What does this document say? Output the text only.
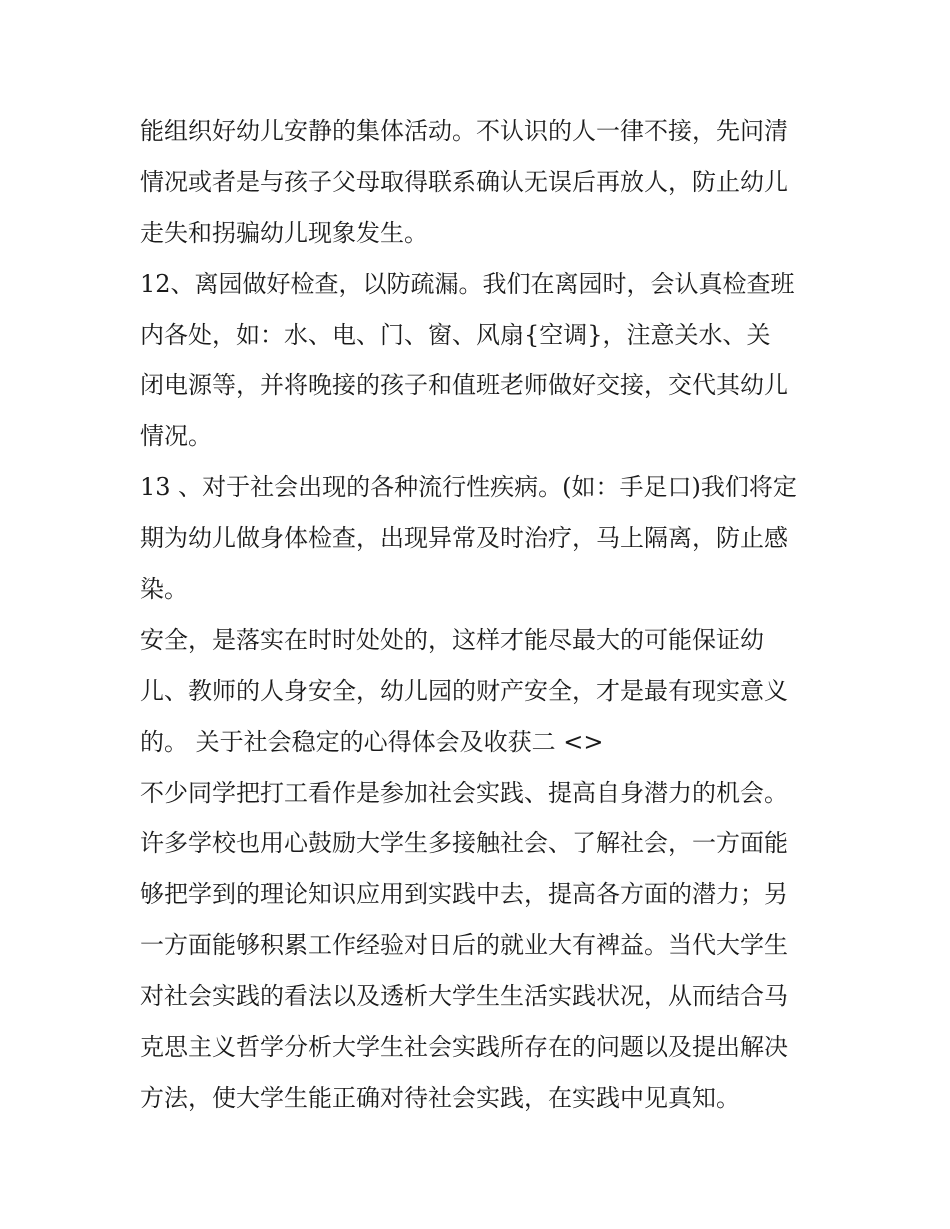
能组织好幼儿安静的集体活动。不认识的人一律不接，先问清
情况或者是与孩子父母取得联系确认无误后再放人，防止幼儿
走失和拐骗幼儿现象发生。
12、离园做好检查，以防疏漏。我们在离园时，会认真检查班
内各处，如：水、电、门、窗、风扇{空调}，注意关水、关
闭电源等，并将晚接的孩子和值班老师做好交接，交代其幼儿
情况。
13 、对于社会出现的各种流行性疾病。(如：手足口)我们将定
期为幼儿做身体检查，出现异常及时治疗，马上隔离，防止感
染。
安全，是落实在时时处处的，这样才能尽最大的可能保证幼
儿、教师的人身安全，幼儿园的财产安全，才是最有现实意义
的。 关于社会稳定的心得体会及收获二 <>
不少同学把打工看作是参加社会实践、提高自身潜力的机会。
许多学校也用心鼓励大学生多接触社会、了解社会，一方面能
够把学到的理论知识应用到实践中去，提高各方面的潜力；另
一方面能够积累工作经验对日后的就业大有裨益。当代大学生
对社会实践的看法以及透析大学生生活实践状况，从而结合马
克思主义哲学分析大学生社会实践所存在的问题以及提出解决
方法，使大学生能正确对待社会实践，在实践中见真知。
